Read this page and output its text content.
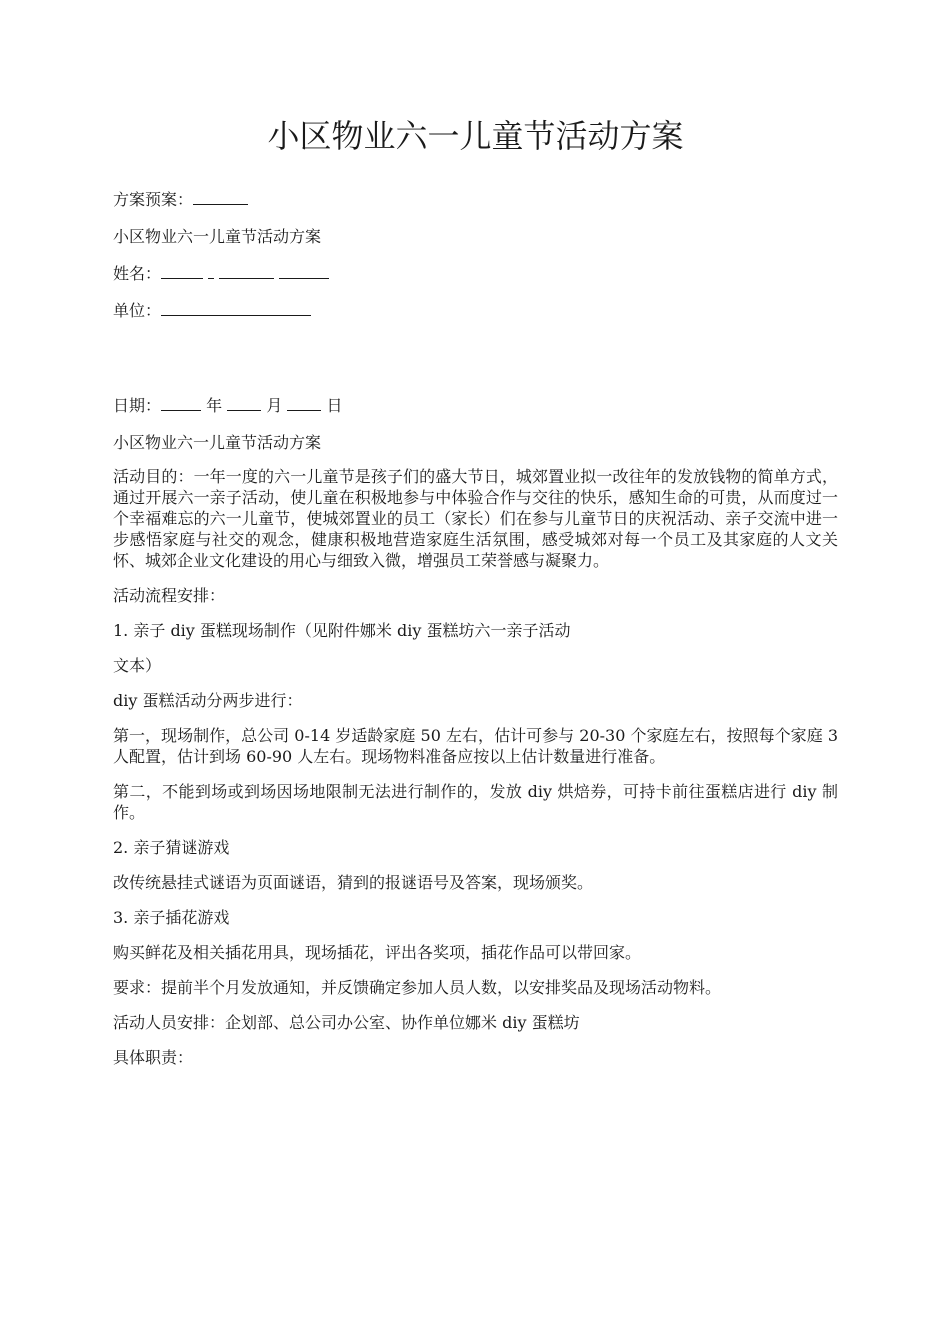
小区物业六一儿童节活动方案

方案预案：

小区物业六一儿童节活动方案

姓名：

单位：

日期：	年	月	日

小区物业六一儿童节活动方案

活动目的：一年一度的六一儿童节是孩子们的盛大节日，城郊置业拟一改往年的发放钱物的简单方式，通过开展六一亲子活动，使儿童在积极地参与中体验合作与交往的快乐，感知生命的可贵，从而度过一个幸福难忘的六一儿童节，使城郊置业的员工（家长）们在参与儿童节日的庆祝活动、亲子交流中进一步感悟家庭与社交的观念，健康积极地营造家庭生活氛围，感受城郊对每一个员工及其家庭的人文关怀、城郊企业文化建设的用心与细致入微，增强员工荣誉感与凝聚力。

活动流程安排：

1. 亲子 diy 蛋糕现场制作（见附件娜米 diy 蛋糕坊六一亲子活动

文本）

diy 蛋糕活动分两步进行：

第一，现场制作，总公司 0-14 岁适龄家庭 50 左右，估计可参与 20-30 个家庭左右，按照每个家庭 3 人配置，估计到场 60-90 人左右。现场物料准备应按以上估计数量进行准备。

第二，不能到场或到场因场地限制无法进行制作的，发放 diy 烘焙券，可持卡前往蛋糕店进行 diy 制作。

2. 亲子猜谜游戏

改传统悬挂式谜语为页面谜语，猜到的报谜语号及答案，现场颁奖。

3. 亲子插花游戏

购买鲜花及相关插花用具，现场插花，评出各奖项，插花作品可以带回家。

要求：提前半个月发放通知，并反馈确定参加人员人数，以安排奖品及现场活动物料。

活动人员安排：企划部、总公司办公室、协作单位娜米 diy 蛋糕坊

具体职责：
